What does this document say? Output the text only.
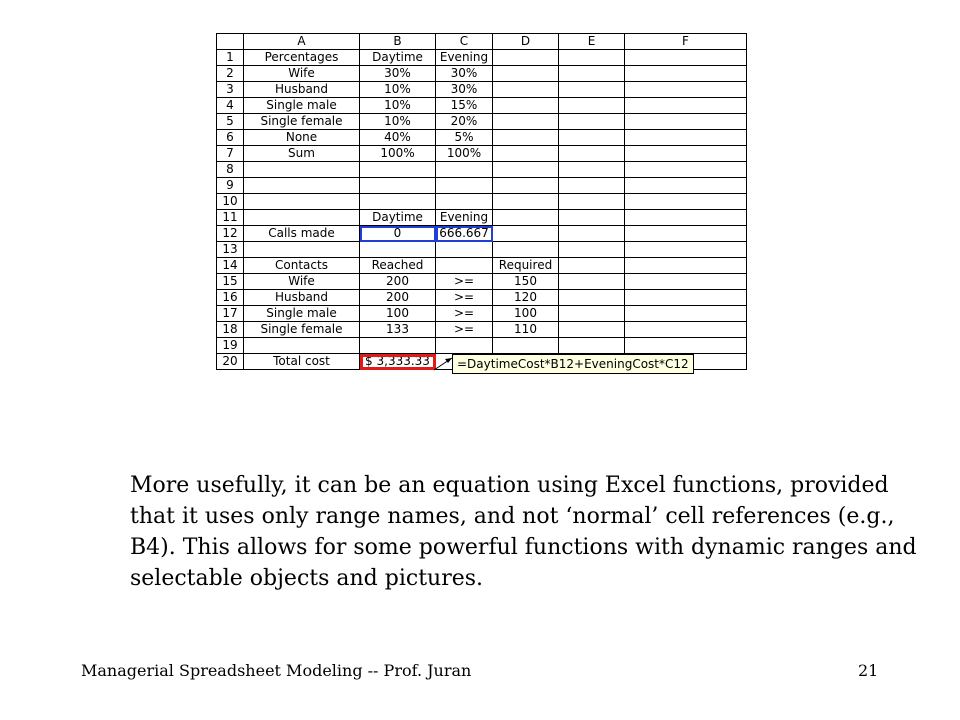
	A	B	C	D	E	F
1	Percentages	Daytime	Evening			
2	Wife	30%	30%			
3	Husband	10%	30%			
4	Single male	10%	15%			
5	Single female	10%	20%			
6	None	40%	5%			
7	Sum	100%	100%			
8						
9						
10						
11		Daytime	Evening			
12	Calls made	0	666.667			
13						
14	Contacts	Reached		Required		
15	Wife	200	>=	150		
16	Husband	200	>=	120		
17	Single male	100	>=	100		
18	Single female	133	>=	110		
19						
20	Total cost	$ 3,333.33					=DaytimeCost*B12+EveningCost*C12
More usefully, it can be an equation using Excel functions, provided that it uses only range names, and not ‘normal’ cell references (e.g., B4). This allows for some powerful functions with dynamic ranges and selectable objects and pictures.
Managerial Spreadsheet Modeling -- Prof. Juran	21
